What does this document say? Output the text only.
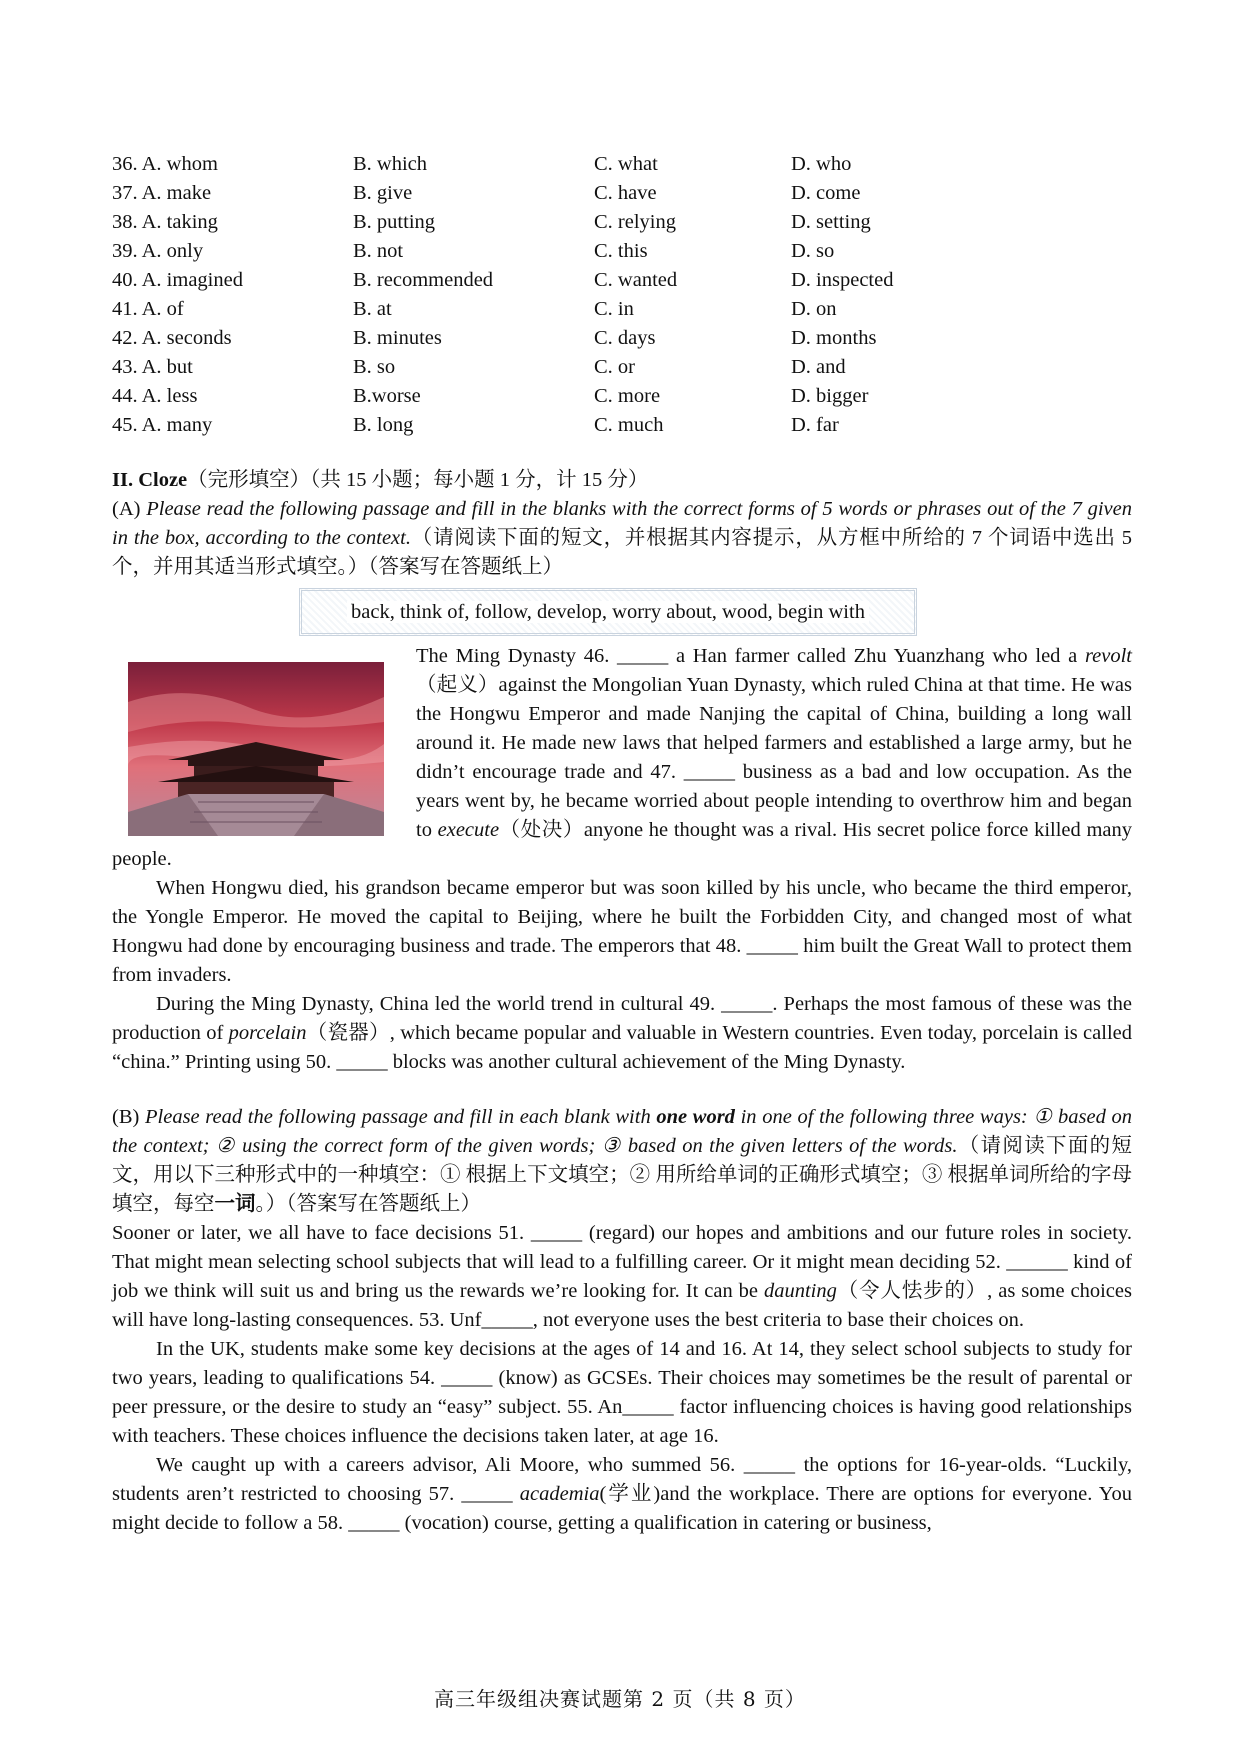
36. A. whom	B. which	C. what	D. who
37. A. make	B. give	C. have	D. come
38. A. taking	B. putting	C. relying	D. setting
39. A. only	B. not	C. this	D. so
40. A. imagined	B. recommended	C. wanted	D. inspected
41. A. of	B. at	C. in	D. on
42. A. seconds	B. minutes	C. days	D. months
43. A. but	B. so	C. or	D. and
44. A. less	B.worse	C. more	D. bigger
45. A. many	B. long	C. much	D. far
II. Cloze（完形填空）（共 15 小题；每小题 1 分，计 15 分）

(A) Please read the following passage and fill in the blanks with the correct forms of 5 words or phrases out of the 7 given in the box, according to the context.（请阅读下面的短文，并根据其内容提示，从方框中所给的 7 个词语中选出 5 个，并用其适当形式填空。）（答案写在答题纸上）

back, think of, follow, develop, worry about, wood, begin with

The Ming Dynasty 46. _____ a Han farmer called Zhu Yuanzhang who led a revolt（起义）against the Mongolian Yuan Dynasty, which ruled China at that time. He was the Hongwu Emperor and made Nanjing the capital of China, building a long wall around it. He made new laws that helped farmers and established a large army, but he didn’t encourage trade and 47. _____ business as a bad and low occupation. As the years went by, he became worried about people intending to overthrow him and began to execute（处决）anyone he thought was a rival. His secret police force killed many people.

When Hongwu died, his grandson became emperor but was soon killed by his uncle, who became the third emperor, the Yongle Emperor. He moved the capital to Beijing, where he built the Forbidden City, and changed most of what Hongwu had done by encouraging business and trade. The emperors that 48. _____ him built the Great Wall to protect them from invaders.

During the Ming Dynasty, China led the world trend in cultural 49. _____. Perhaps the most famous of these was the production of porcelain（瓷器）, which became popular and valuable in Western countries. Even today, porcelain is called “china.” Printing using 50. _____ blocks was another cultural achievement of the Ming Dynasty.

(B) Please read the following passage and fill in each blank with one word in one of the following three ways: ① based on the context; ② using the correct form of the given words; ③ based on the given letters of the words.（请阅读下面的短文，用以下三种形式中的一种填空：① 根据上下文填空；② 用所给单词的正确形式填空；③ 根据单词所给的字母填空，每空一词。）（答案写在答题纸上）

Sooner or later, we all have to face decisions 51. _____ (regard) our hopes and ambitions and our future roles in society. That might mean selecting school subjects that will lead to a fulfilling career. Or it might mean deciding 52. ______ kind of job we think will suit us and bring us the rewards we’re looking for. It can be daunting（令人怯步的）, as some choices will have long-lasting consequences. 53. Unf_____, not everyone uses the best criteria to base their choices on.

In the UK, students make some key decisions at the ages of 14 and 16. At 14, they select school subjects to study for two years, leading to qualifications 54. _____ (know) as GCSEs. Their choices may sometimes be the result of parental or peer pressure, or the desire to study an “easy” subject. 55. An_____ factor influencing choices is having good relationships with teachers. These choices influence the decisions taken later, at age 16.

We caught up with a careers advisor, Ali Moore, who summed 56. _____ the options for 16-year-olds. “Luckily, students aren’t restricted to choosing 57. _____ academia(学业)and the workplace. There are options for everyone. You might decide to follow a 58. _____ (vocation) course, getting a qualification in catering or business,

高三年级组决赛试题第 2 页（共 8 页）
